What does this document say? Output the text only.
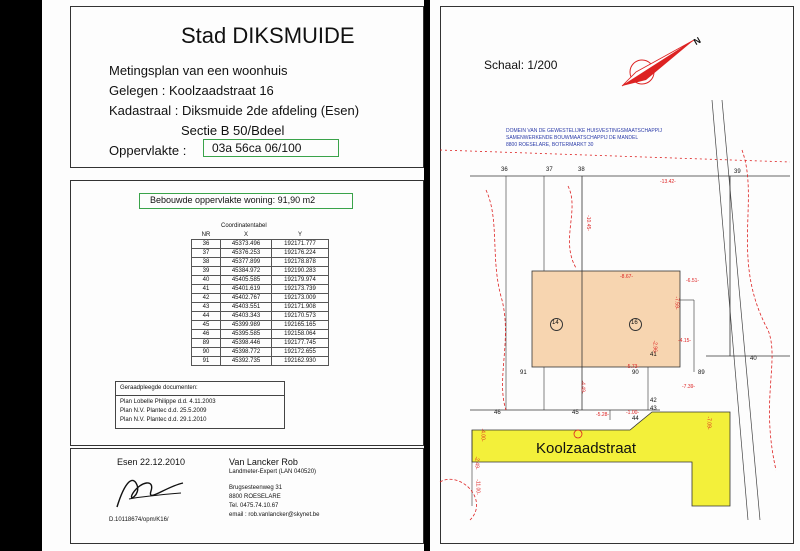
Stad DIKSMUIDE
Metingsplan van een woonhuis
Gelegen : Koolzaadstraat 16
Kadastraal : Diksmuide 2de afdeling (Esen)
Sectie B 50/Bdeel
Oppervlakte : 03a 56ca 06/100
Bebouwde oppervlakte woning: 91,90 m2
Coordinatentabel
NR	X	Y
36	45373.496	192171.777
37	45376.253	192176.224
38	45377.899	192178.878
39	45384.972	192190.283
40	45405.585	192179.974
41	45401.619	192173.739
42	45402.767	192173.009
43	45403.551	192171.908
44	45403.343	192170.573
45	45399.989	192165.165
46	45395.585	192158.064
89	45398.446	192177.745
90	45398.772	192172.655
91	45392.735	192162.930
Geraadpleegde documenten:
Plan Lobelle Philippe d.d. 4.11.2003
Plan N.V. Plantec d.d. 25.5.2009
Plan N.V. Plantec d.d. 29.1.2010
Esen 22.12.2010
D.10118674/opm/K16/
Van Lancker Rob
Landmeter-Expert (LAN 040520)
Brugsesteenweg 31
8800 ROESELARE
Tel. 0475.74.10.67
email : rob.vanlancker@skynet.be
Schaal: 1/200
N
DOMEIN VAN DE GEWESTELIJKE HUISVESTINGSMAATSCHAPPIJ
SAMENWERKENDE BOUWMAATSCHAPPIJ DE MANDEL
8800 ROESELARE, BOTERMARKT 30
36	37	38	39
40
41
42
43
44
45
46
89
90
91
14	16
-13.42-
-10.45-
-8.67-
-6.51-
-7.59-
-4.15-
-5.73-
-2.96-
-4.49-
-5.28-	-1.00-
-7.39-
-7.09-
-4.00-
-2.49-
-11.00-
Koolzaadstraat
